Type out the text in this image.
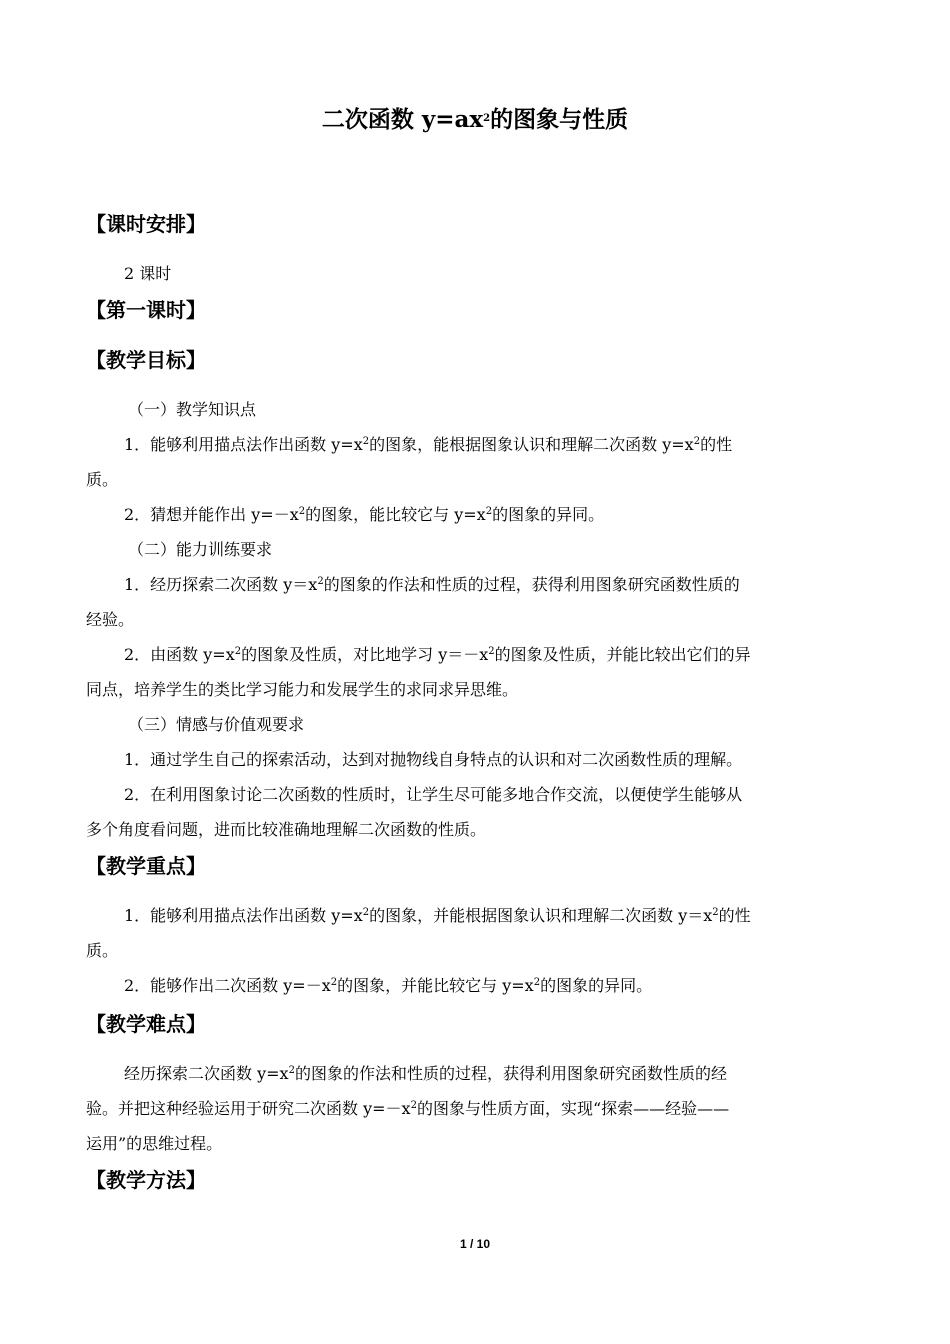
二次函数 $y=ax^2$的图象与性质
【课时安排】
2 课时
【第一课时】
【教学目标】
（一）教学知识点
1．能够利用描点法作出函数 $y=x^2$的图象，能根据图象认识和理解二次函数 $y=x^2$的性
质。
2．猜想并能作出 $y=-x^2$的图象，能比较它与 $y=x^2$的图象的异同。
（二）能力训练要求
1．经历探索二次函数 $y=x^2$的图象的作法和性质的过程，获得利用图象研究函数性质的
经验。
2．由函数 $y=x^2$的图象及性质，对比地学习 $y=-x^2$的图象及性质，并能比较出它们的异
同点，培养学生的类比学习能力和发展学生的求同求异思维。
（三）情感与价值观要求
1．通过学生自己的探索活动，达到对抛物线自身特点的认识和对二次函数性质的理解。
2．在利用图象讨论二次函数的性质时，让学生尽可能多地合作交流，以便使学生能够从
多个角度看问题，进而比较准确地理解二次函数的性质。
【教学重点】
1．能够利用描点法作出函数 $y=x^2$的图象，并能根据图象认识和理解二次函数 $y=x^2$的性
质。
2．能够作出二次函数 $y=-x^2$的图象，并能比较它与 $y=x^2$的图象的异同。
【教学难点】
经历探索二次函数 $y=x^2$的图象的作法和性质的过程，获得利用图象研究函数性质的经
验。并把这种经验运用于研究二次函数 $y=-x^2$的图象与性质方面，实现“探索——经验——
运用”的思维过程。
【教学方法】
1 / 10
